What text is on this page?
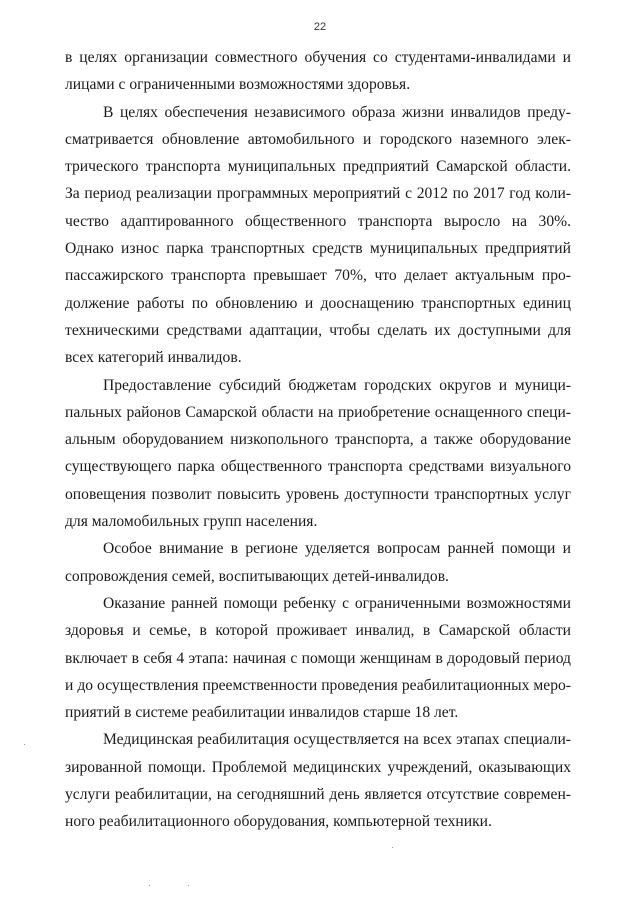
22
в целях организации совместного обучения со студентами-инвалидами и
лицами с ограниченными возможностями здоровья.
В целях обеспечения независимого образа жизни инвалидов преду-
сматривается обновление автомобильного и городского наземного элек-
трического транспорта муниципальных предприятий Самарской области.
За период реализации программных мероприятий с 2012 по 2017 год коли-
чество адаптированного общественного транспорта выросло на 30%.
Однако износ парка транспортных средств муниципальных предприятий
пассажирского транспорта превышает 70%, что делает актуальным про-
должение работы по обновлению и дооснащению транспортных единиц
техническими средствами адаптации, чтобы сделать их доступными для
всех категорий инвалидов.
Предоставление субсидий бюджетам городских округов и муници-
пальных районов Самарской области на приобретение оснащенного специ-
альным оборудованием низкопольного транспорта, а также оборудование
существующего парка общественного транспорта средствами визуального
оповещения позволит повысить уровень доступности транспортных услуг
для маломобильных групп населения.
Особое внимание в регионе уделяется вопросам ранней помощи и
сопровождения семей, воспитывающих детей-инвалидов.
Оказание ранней помощи ребенку с ограниченными возможностями
здоровья и семье, в которой проживает инвалид, в Самарской области
включает в себя 4 этапа: начиная с помощи женщинам в дородовый период
и до осуществления преемственности проведения реабилитационных меро-
приятий в системе реабилитации инвалидов старше 18 лет.
Медицинская реабилитация осуществляется на всех этапах специали-
зированной помощи. Проблемой медицинских учреждений, оказывающих
услуги реабилитации, на сегодняшний день является отсутствие современ-
ного реабилитационного оборудования, компьютерной техники.
